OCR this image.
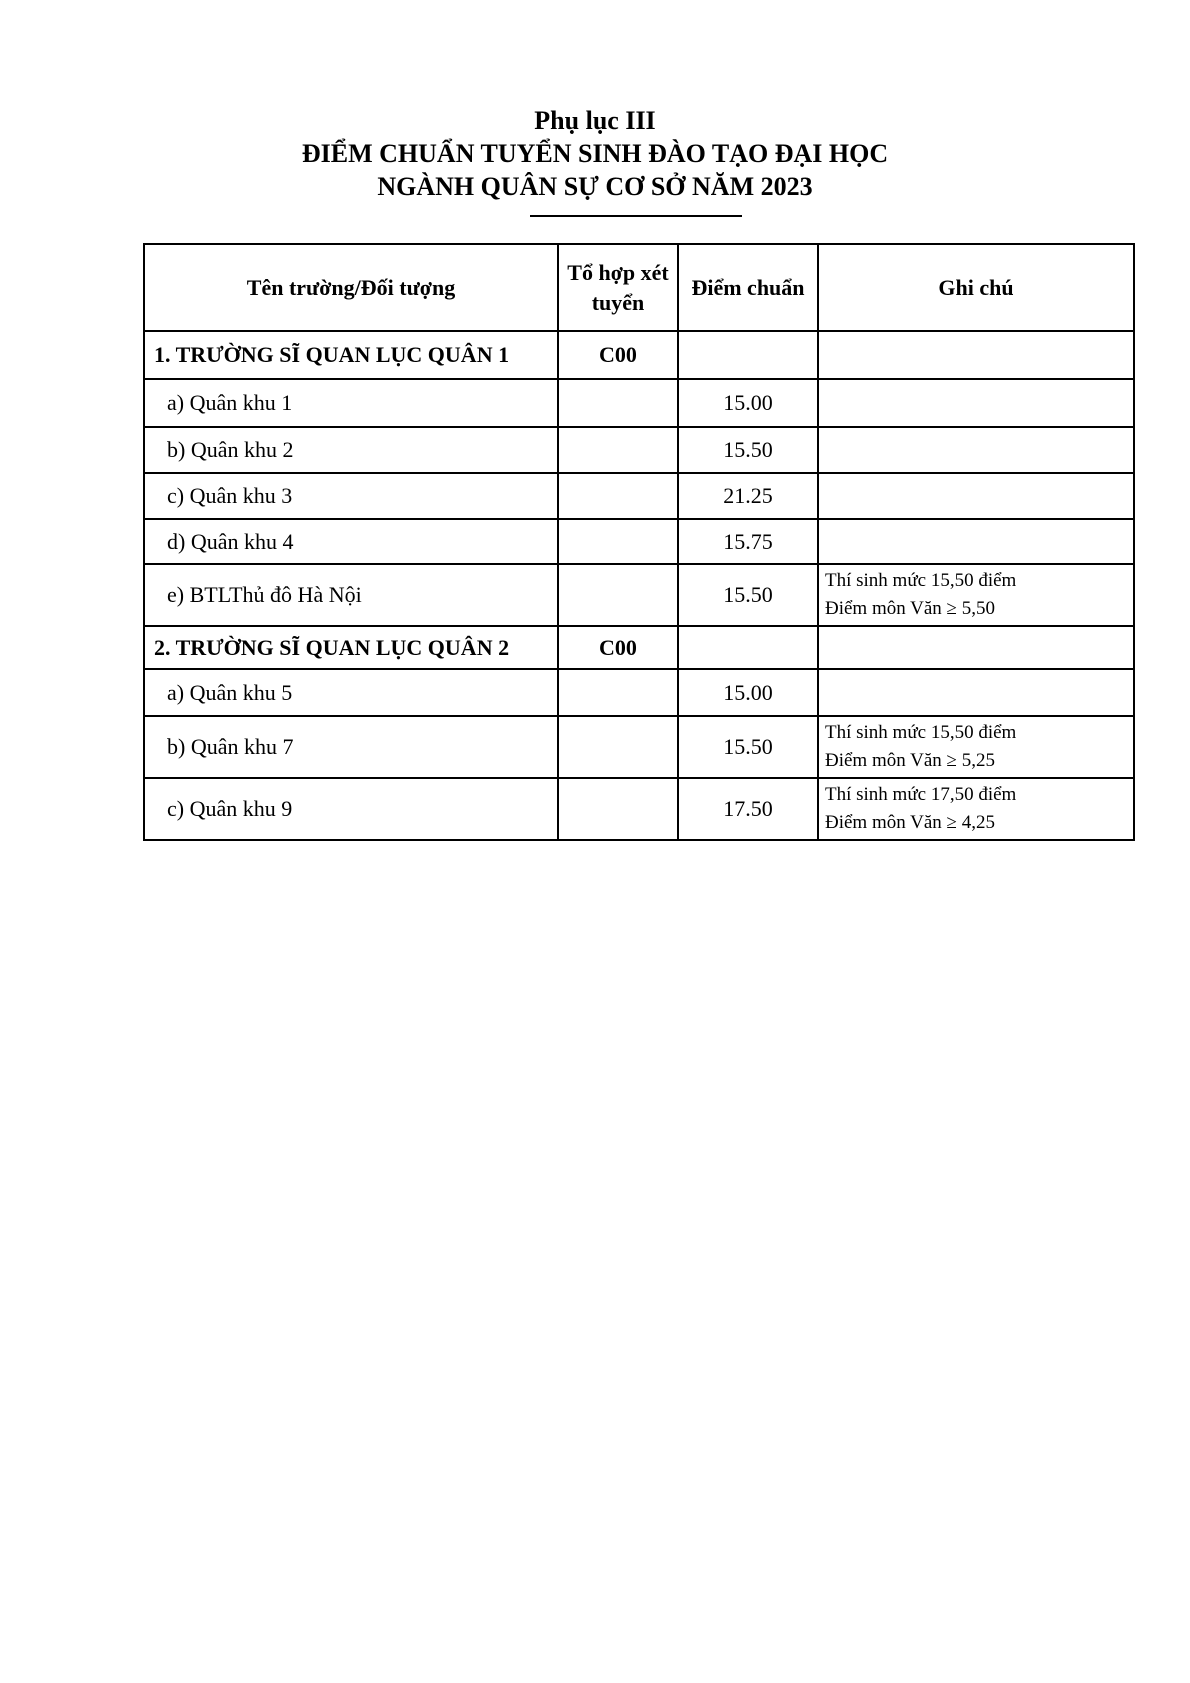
Phụ lục III
ĐIỂM CHUẨN TUYỂN SINH ĐÀO TẠO ĐẠI HỌC
NGÀNH QUÂN SỰ CƠ SỞ NĂM 2023
Tên trường/Đối tượng	Tổ hợp xét tuyển	Điểm chuẩn	Ghi chú
1. TRƯỜNG SĨ QUAN LỤC QUÂN 1	C00		

a) Quân khu 1		15.00	

b) Quân khu 2		15.50	

c) Quân khu 3		21.25	

d) Quân khu 4		15.75	

e) BTLThủ đô Hà Nội		15.50	Thí sinh mức 15,50 điểm
Điểm môn Văn ≥ 5,50

2. TRƯỜNG SĨ QUAN LỤC QUÂN 2	C00		

a) Quân khu 5		15.00	

b) Quân khu 7		15.50	Thí sinh mức 15,50 điểm
Điểm môn Văn ≥ 5,25

c) Quân khu 9		17.50	Thí sinh mức 17,50 điểm
Điểm môn Văn ≥ 4,25
